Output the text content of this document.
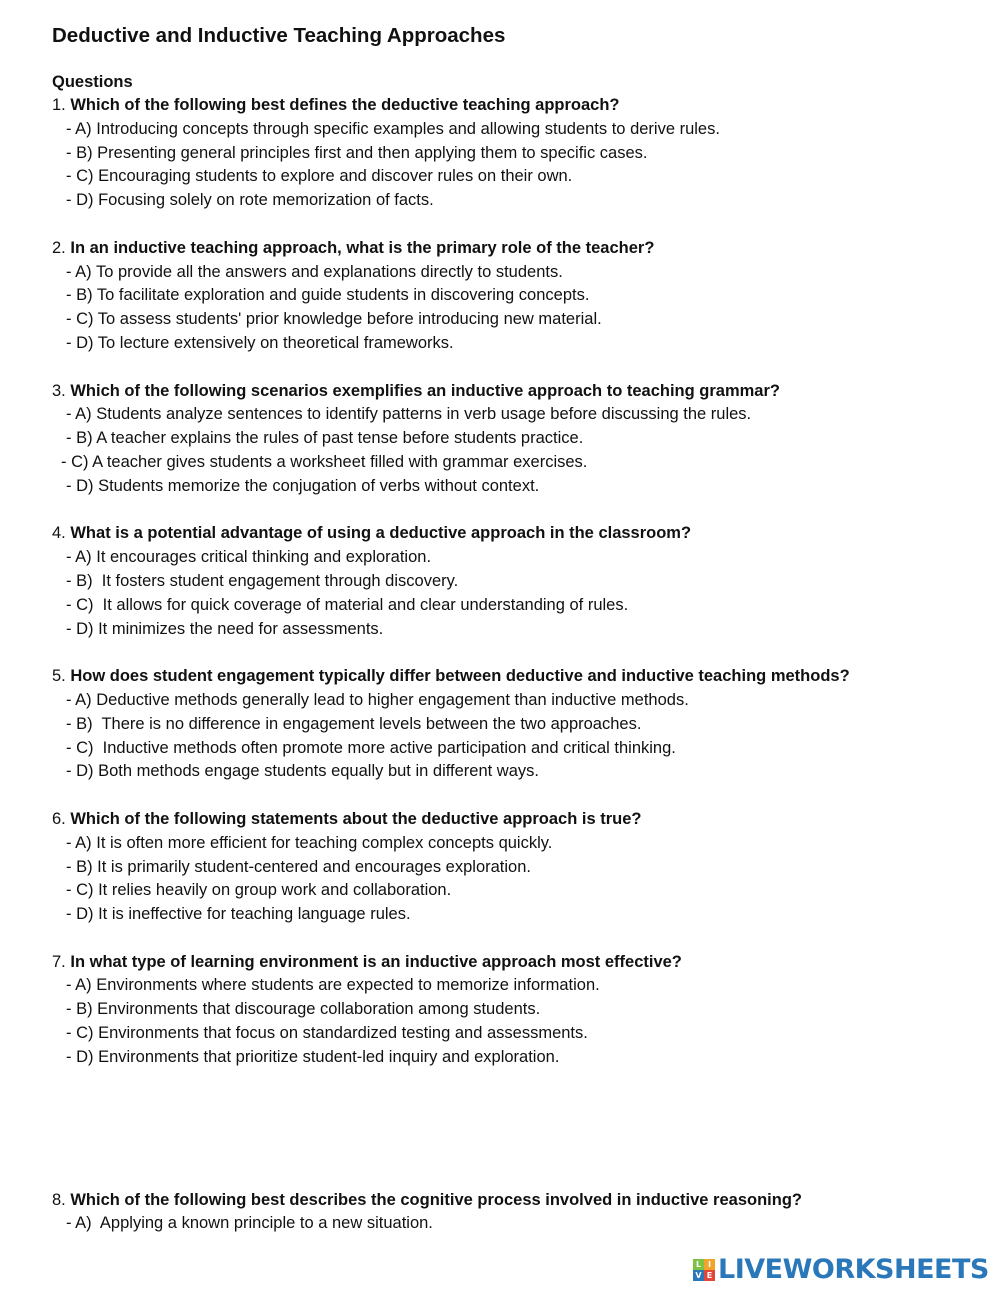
Deductive and Inductive Teaching Approaches
Questions
1. Which of the following best defines the deductive teaching approach?
- A) Introducing concepts through specific examples and allowing students to derive rules.
- B) Presenting general principles first and then applying them to specific cases.
- C) Encouraging students to explore and discover rules on their own.
- D) Focusing solely on rote memorization of facts.
2. In an inductive teaching approach, what is the primary role of the teacher?
- A) To provide all the answers and explanations directly to students.
- B) To facilitate exploration and guide students in discovering concepts.
- C) To assess students' prior knowledge before introducing new material.
- D) To lecture extensively on theoretical frameworks.
3. Which of the following scenarios exemplifies an inductive approach to teaching grammar?
- A) Students analyze sentences to identify patterns in verb usage before discussing the rules.
- B) A teacher explains the rules of past tense before students practice.
- C) A teacher gives students a worksheet filled with grammar exercises.
- D) Students memorize the conjugation of verbs without context.
4. What is a potential advantage of using a deductive approach in the classroom?
- A) It encourages critical thinking and exploration.
- B)  It fosters student engagement through discovery.
- C)  It allows for quick coverage of material and clear understanding of rules.
- D) It minimizes the need for assessments.
5. How does student engagement typically differ between deductive and inductive teaching methods?
- A) Deductive methods generally lead to higher engagement than inductive methods.
- B)  There is no difference in engagement levels between the two approaches.
- C)  Inductive methods often promote more active participation and critical thinking.
- D) Both methods engage students equally but in different ways.
6. Which of the following statements about the deductive approach is true?
- A) It is often more efficient for teaching complex concepts quickly.
- B) It is primarily student-centered and encourages exploration.
- C) It relies heavily on group work and collaboration.
- D) It is ineffective for teaching language rules.
7. In what type of learning environment is an inductive approach most effective?
- A) Environments where students are expected to memorize information.
- B) Environments that discourage collaboration among students.
- C) Environments that focus on standardized testing and assessments.
- D) Environments that prioritize student-led inquiry and exploration.
8. Which of the following best describes the cognitive process involved in inductive reasoning?
- A)  Applying a known principle to a new situation.
L I
V E LIVEWORKSHEETS
